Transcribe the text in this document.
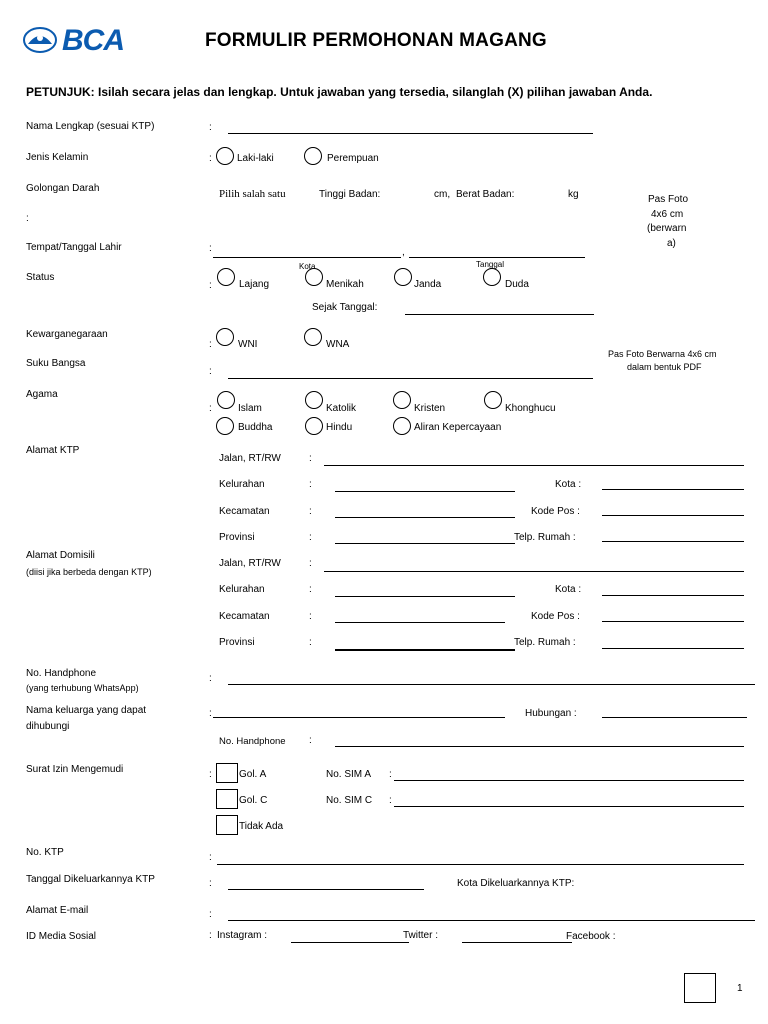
BCA	FORMULIR PERMOHONAN MAGANG
PETUNJUK: Isilah secara jelas dan lengkap. Untuk jawaban yang tersedia, silanglah (X) pilihan jawaban Anda.
Nama Lengkap (sesuai KTP)	:
Jenis Kelamin	:	Laki-laki	Perempuan
Golongan Darah	Pilih salah satu	Tinggi Badan:	cm, Berat Badan:	kg
:
Pas Foto
4x6 cm
(berwarn
a)
Tempat/Tanggal Lahir	:	,
Kota	Tanggal
Status
:	Lajang	Menikah	Janda	Duda
Sejak Tanggal:
Kewarganegaraan
:	WNI	WNA
Pas Foto Berwarna 4x6 cm
dalam bentuk PDF
Suku Bangsa
:
Agama
:	Islam	Katolik	Kristen	Khonghucu
Buddha	Hindu	Aliran Kepercayaan
Alamat KTP
Jalan, RT/RW	:
Kelurahan	:	Kota :
Kecamatan	:	Kode Pos :
Provinsi	:	Telp. Rumah :
Alamat Domisili
(diisi jika berbeda dengan KTP)
Jalan, RT/RW	:
Kelurahan	:	Kota :
Kecamatan	:	Kode Pos :
Provinsi	:	Telp. Rumah :
No. Handphone
(yang terhubung WhatsApp)
:
Nama keluarga yang dapat
dihubungi
:	Hubungan :
No. Handphone :
Surat Izin Mengemudi	:	Gol. A	No. SIM A :
Gol. C	No. SIM C :
Tidak Ada
No. KTP	:
Tanggal Dikeluarkannya KTP	:	Kota Dikeluarkannya KTP:
Alamat E-mail	:
ID Media Sosial	: Instagram :	Twitter :	Facebook :
1
